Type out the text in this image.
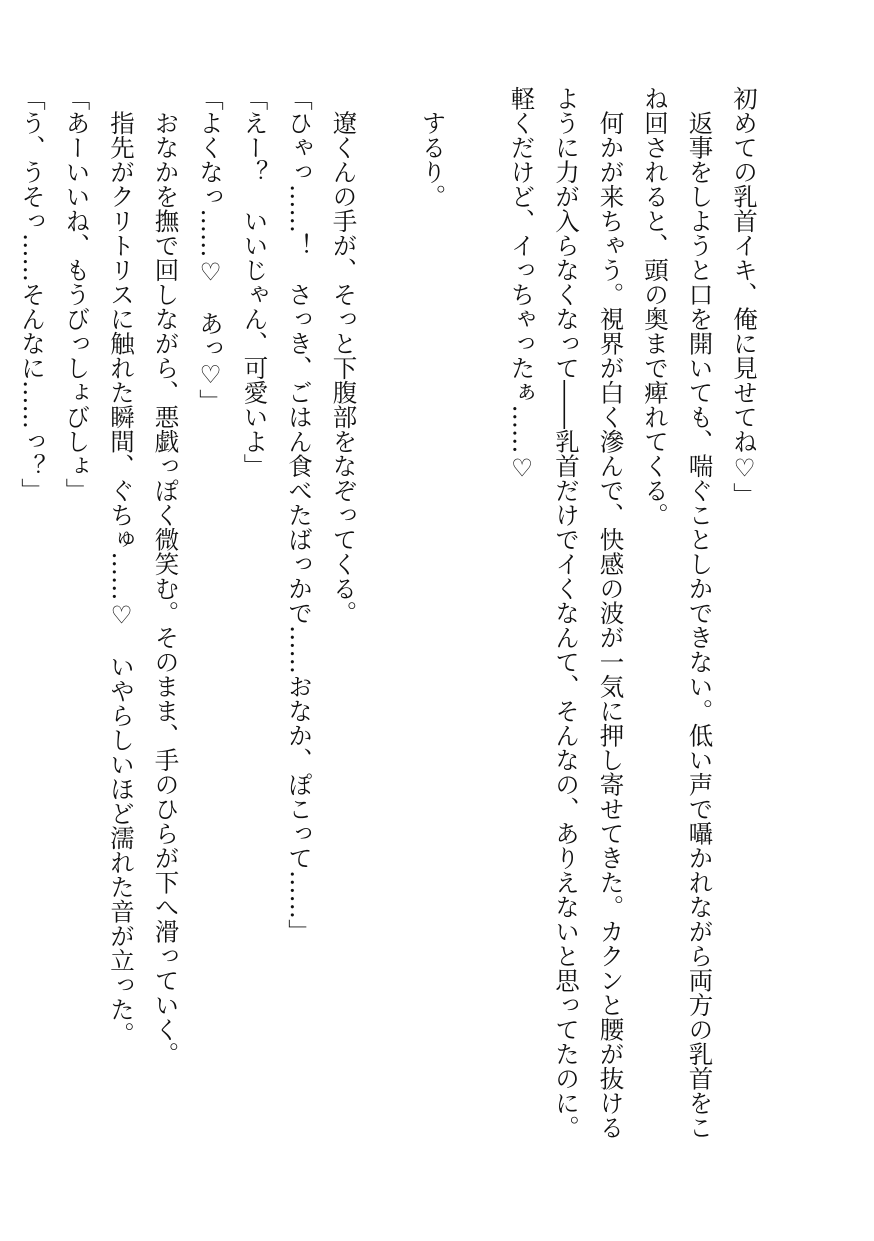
初めての乳首イキ、俺に見せてね♡」
　返事をしようと口を開いても、喘ぐことしかできない。低い声で囁かれながら両方の乳首をこ
ね回されると、頭の奥まで痺れてくる。
　何かが来ちゃう。視界が白く滲んで、快感の波が一気に押し寄せてきた。カクンと腰が抜ける
ように力が入らなくなって――乳首だけでイくなんて、そんなの、ありえないと思ってたのに。
軽くだけど、イっちゃったぁ……♡
　するり。
　遼くんの手が、そっと下腹部をなぞってくる。
「ひゃっ……！　さっき、ごはん食べたばっかで……おなか、ぽこって……」
「えー？　いいじゃん、可愛いよ」
「よくなっ……♡　あっ♡」
　おなかを撫で回しながら、悪戯っぽく微笑む。そのまま、手のひらが下へ滑っていく。
　指先がクリトリスに触れた瞬間、ぐちゅ……♡　いやらしいほど濡れた音が立った。
「あーいいね、もうびっしょびしょ」
「う、うそっ……そんなに……っ？」
